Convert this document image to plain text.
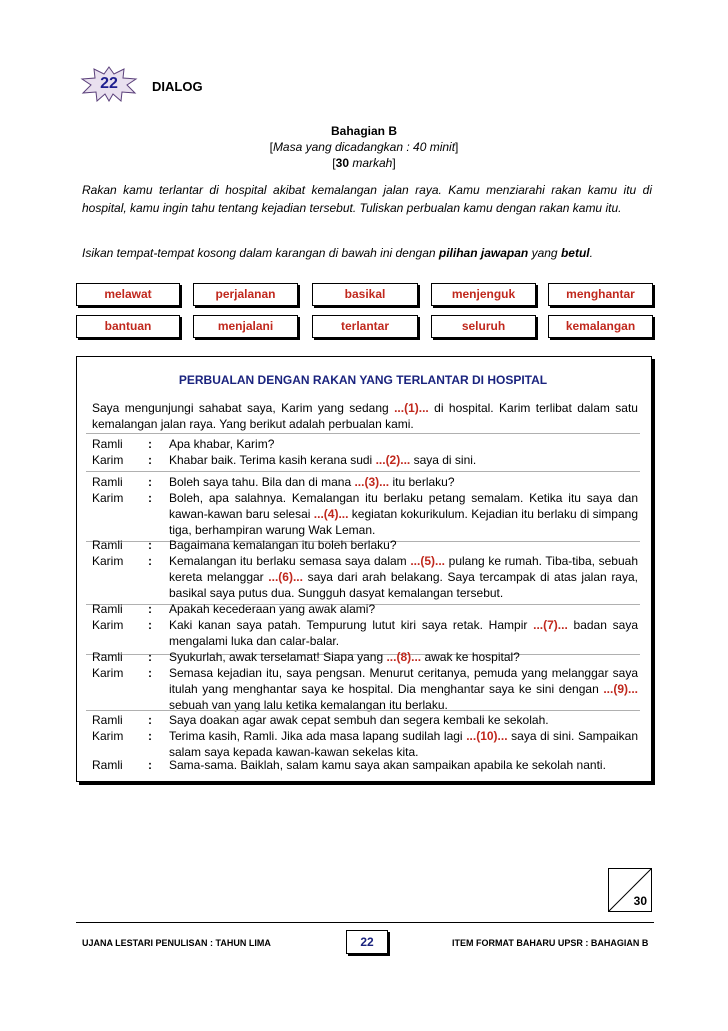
22	DIALOG
Bahagian B
[Masa yang dicadangkan : 40 minit]
[30 markah]
Rakan kamu terlantar di hospital akibat kemalangan jalan raya. Kamu menziarahi rakan kamu itu di hospital, kamu ingin tahu tentang kejadian tersebut. Tuliskan perbualan kamu dengan rakan kamu itu.
Isikan tempat-tempat kosong dalam karangan di bawah ini dengan pilihan jawapan yang betul.
melawat	perjalanan	basikal	menjenguk	menghantar
bantuan	menjalani	terlantar	seluruh	kemalangan
PERBUALAN DENGAN RAKAN YANG TERLANTAR DI HOSPITAL
Saya mengunjungi sahabat saya, Karim yang sedang ...(1)... di hospital. Karim terlibat dalam satu kemalangan jalan raya. Yang berikut adalah perbualan kami.
Ramli : Apa khabar, Karim?
Karim : Khabar baik. Terima kasih kerana sudi ...(2)... saya di sini.
Ramli : Boleh saya tahu. Bila dan di mana ...(3)... itu berlaku?
Karim : Boleh, apa salahnya. Kemalangan itu berlaku petang semalam. Ketika itu saya dan kawan-kawan baru selesai ...(4)... kegiatan kokurikulum. Kejadian itu berlaku di simpang tiga, berhampiran warung Wak Leman.
Ramli : Bagaimana kemalangan itu boleh berlaku?
Karim : Kemalangan itu berlaku semasa saya dalam ...(5)... pulang ke rumah. Tiba-tiba, sebuah kereta melanggar ...(6)... saya dari arah belakang. Saya tercampak di atas jalan raya, basikal saya putus dua. Sungguh dasyat kemalangan tersebut.
Ramli : Apakah kecederaan yang awak alami?
Karim : Kaki kanan saya patah. Tempurung lutut kiri saya retak. Hampir ...(7)... badan saya mengalami luka dan calar-balar.
Ramli : Syukurlah, awak terselamat! Siapa yang ...(8)... awak ke hospital?
Karim : Semasa kejadian itu, saya pengsan. Menurut ceritanya, pemuda yang melanggar saya itulah yang menghantar saya ke hospital. Dia menghantar saya ke sini dengan ...(9)... sebuah van yang lalu ketika kemalangan itu berlaku.
Ramli : Saya doakan agar awak cepat sembuh dan segera kembali ke sekolah.
Karim : Terima kasih, Ramli. Jika ada masa lapang sudilah lagi ...(10)... saya di sini. Sampaikan salam saya kepada kawan-kawan sekelas kita.
Ramli : Sama-sama. Baiklah, salam kamu saya akan sampaikan apabila ke sekolah nanti.
30
UJANA LESTARI PENULISAN : TAHUN LIMA	22	ITEM FORMAT BAHARU UPSR : BAHAGIAN B
